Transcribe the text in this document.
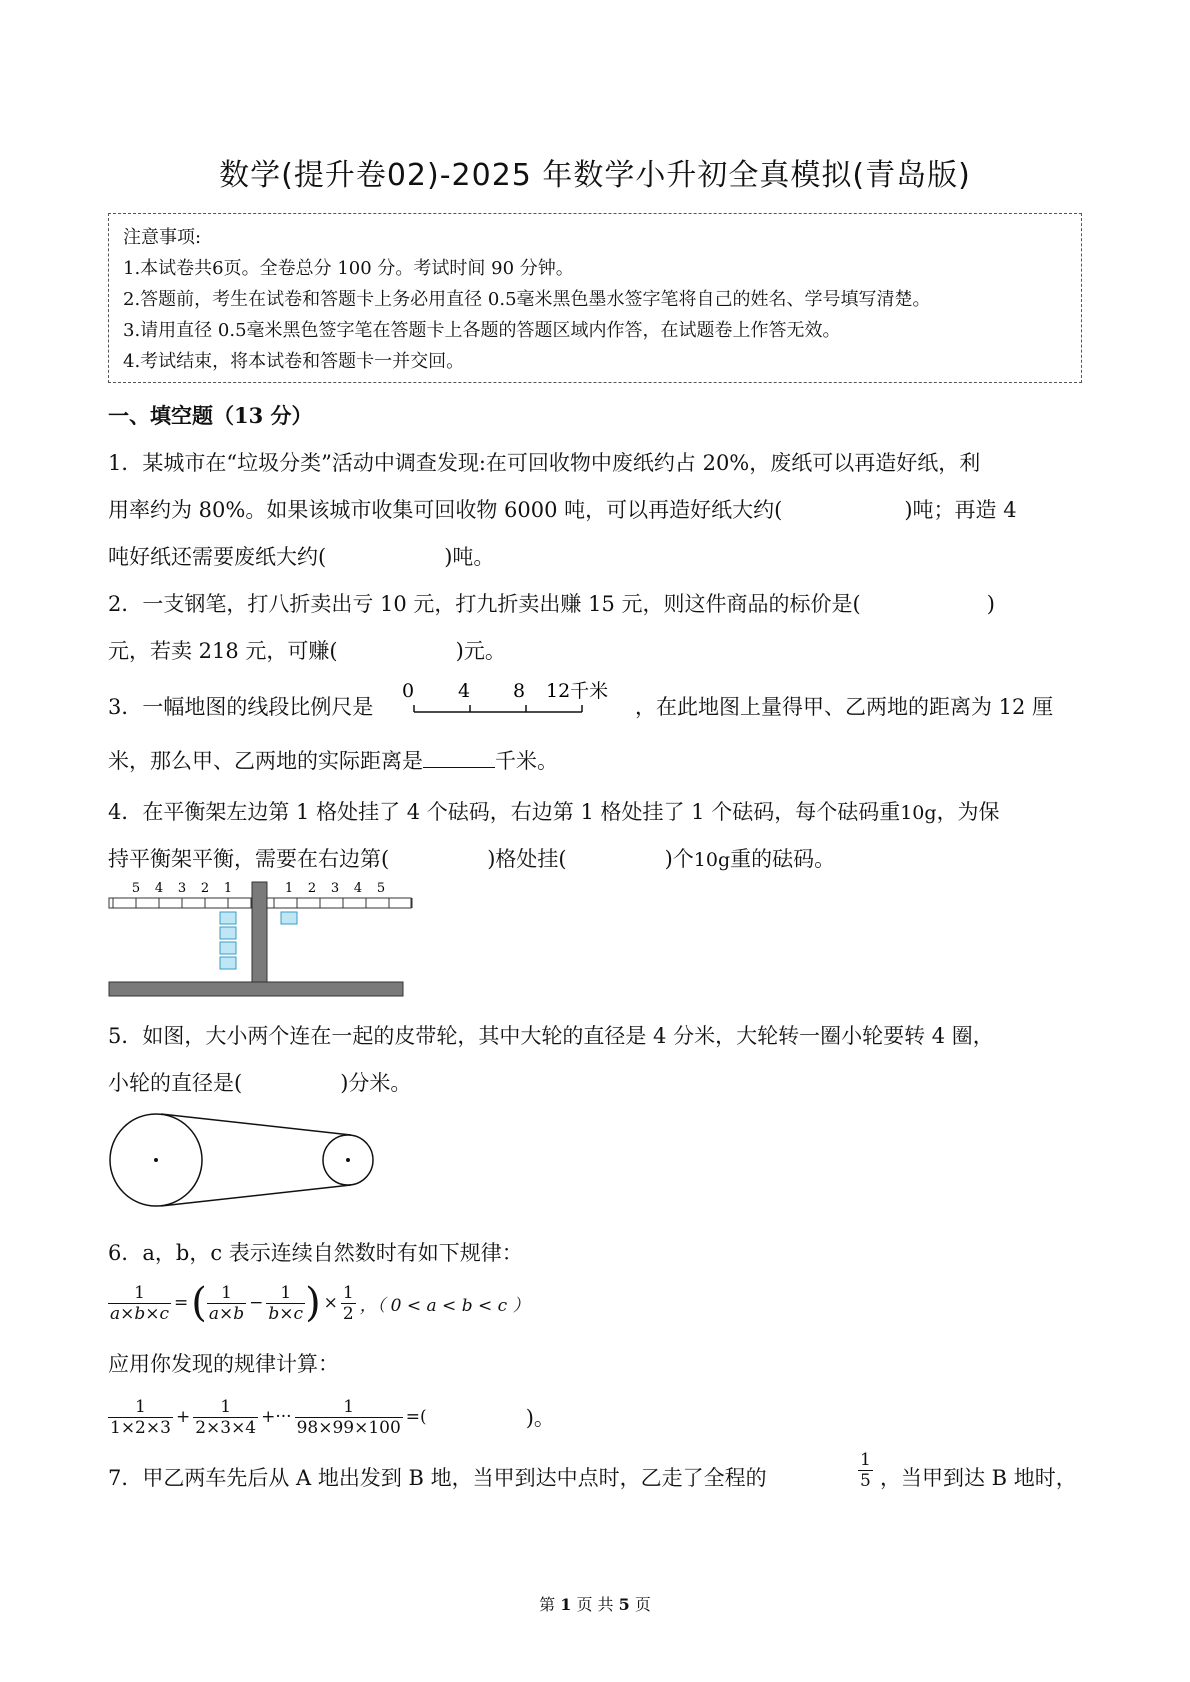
数学(提升卷02)-2025 年数学小升初全真模拟(青岛版)
注意事项:
1.本试卷共6页。全卷总分 100 分。考试时间 90 分钟。
2.答题前，考生在试卷和答题卡上务必用直径 0.5毫米黑色墨水签字笔将自己的姓名、学号填写清楚。
3.请用直径 0.5毫米黑色签字笔在答题卡上各题的答题区域内作答，在试题卷上作答无效。
4.考试结束，将本试卷和答题卡一并交回。
一、填空题（13 分）
1．某城市在“垃圾分类”活动中调查发现:在可回收物中废纸约占 20%，废纸可以再造好纸，利
用率约为 80%。如果该城市收集可回收物 6000 吨，可以再造好纸大约(	)吨；再造 4
吨好纸还需要废纸大约(	)吨。
2．一支钢笔，打八折卖出亏 10 元，打九折卖出赚 15 元，则这件商品的标价是(	)
元，若卖 218 元，可赚(	)元。
3．一幅地图的线段比例尺是
0 4 8 12千米
，在此地图上量得甲、乙两地的距离为 12 厘
米，那么甲、乙两地的实际距离是	千米。
4．在平衡架左边第 1 格处挂了 4 个砝码，右边第 1 格处挂了 1 个砝码，每个砝码重10g，为保
持平衡架平衡，需要在右边第(	)格处挂(	)个10g重的砝码。
5 4 3 2 1	1 2 3 4 5
5．如图，大小两个连在一起的皮带轮，其中大轮的直径是 4 分米，大轮转一圈小轮要转 4 圈，
小轮的直径是(	)分米。
6．a，b，c 表示连续自然数时有如下规律：
$\frac{1}{a\times b\times c}$ = ( $\frac{1}{a\times b} - \frac{1}{b\times c}$ ) × $\frac{1}{2}$ ，（ 0 < a < b < c ）
应用你发现的规律计算：
$\frac{1}{1\times 2\times 3} + \frac{1}{2\times 3\times 4}$ +··· $\frac{1}{98\times 99\times 100}$ =(	)。
7．甲乙两车先后从 A 地出发到 B 地，当甲到达中点时，乙走了全程的	$\frac{1}{5}$ ，当甲到达 B 地时，
第 1 页 共 5 页
